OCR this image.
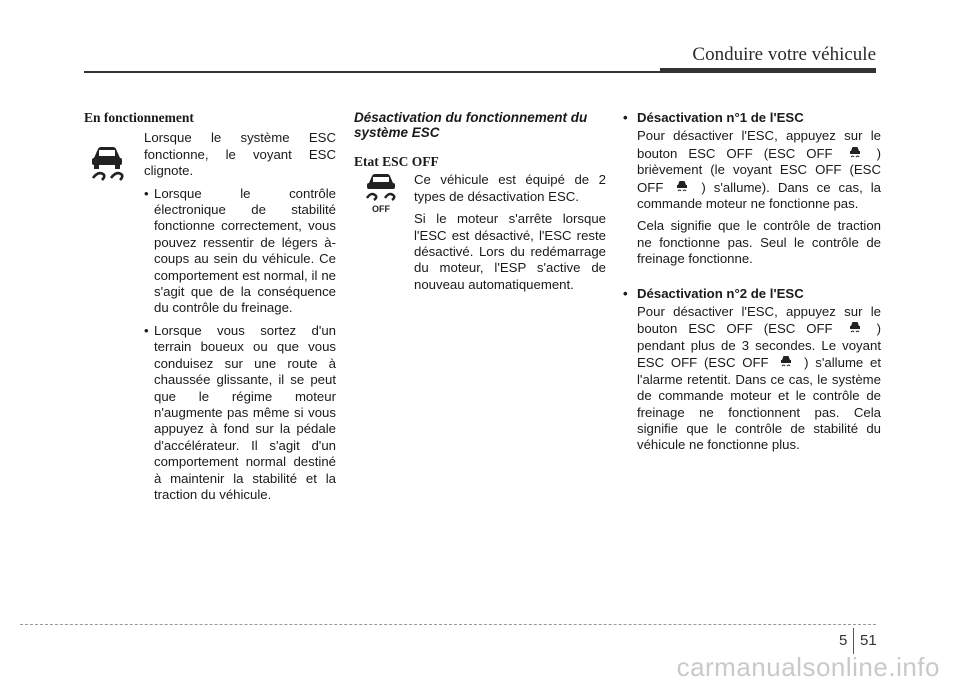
Conduire votre véhicule
En fonctionnement

Lorsque le système ESC fonctionne, le voyant ESC clignote.

• Lorsque le contrôle électronique de stabilité fonctionne correctement, vous pouvez ressentir de légers à-coups au sein du véhicule. Ce comportement est normal, il ne s'agit que de la conséquence du contrôle du freinage.
• Lorsque vous sortez d'un terrain boueux ou que vous conduisez sur une route à chaussée glissante, il se peut que le régime moteur n'augmente pas même si vous appuyez à fond sur la pédale d'accélérateur. Il s'agit d'un comportement normal destiné à maintenir la stabilité et la traction du véhicule.
Désactivation du fonctionnement du système ESC
Etat ESC OFF
OFF

Ce véhicule est équipé de 2 types de désactivation ESC.

Si le moteur s'arrête lorsque l'ESC est désactivé, l'ESC reste désactivé. Lors du redémarrage du moteur, l'ESP s'active de nouveau automatiquement.

• Désactivation n°1 de l'ESC
Pour désactiver l'ESC, appuyez sur le bouton ESC OFF (ESC OFF	) brièvement (le voyant ESC OFF (ESC OFF	) s'allume). Dans ce cas, la commande moteur ne fonctionne pas.

Cela signifie que le contrôle de traction ne fonctionne pas. Seul le contrôle de freinage fonctionne.

• Désactivation n°2 de l'ESC
Pour désactiver l'ESC, appuyez sur le bouton ESC OFF (ESC OFF	) pendant plus de 3 secondes. Le voyant ESC OFF (ESC OFF	) s'allume et l'alarme retentit. Dans ce cas, le système de commande moteur et le contrôle de freinage ne fonctionnent pas. Cela signifie que le contrôle de stabilité du véhicule ne fonctionne plus.
5 51
carmanualsonline.info
